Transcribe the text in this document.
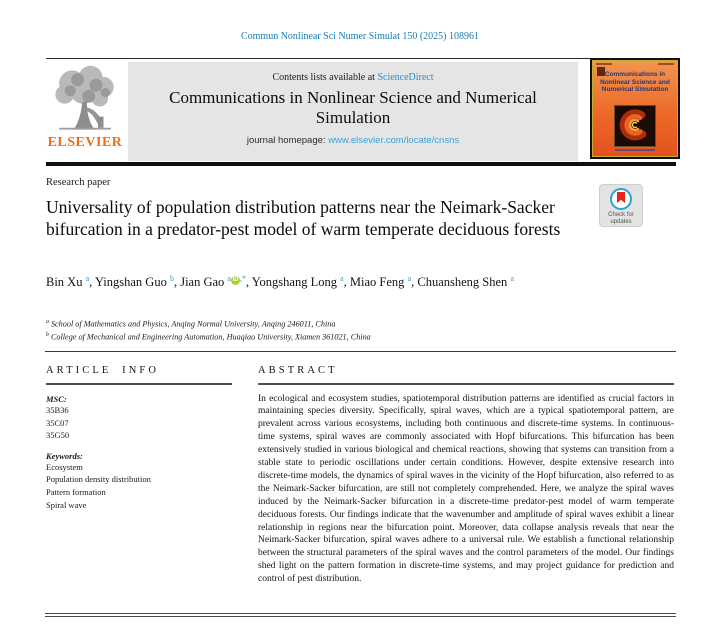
Commun Nonlinear Sci Numer Simulat 150 (2025) 108961
ELSEVIER
Contents lists available at ScienceDirect
Communications in Nonlinear Science and Numerical Simulation
journal homepage: www.elsevier.com/locate/cnsns
Communications in Nonlinear Science and Numerical Simulation
Research paper
Universality of population distribution patterns near the Neimark-Sacker bifurcation in a predator-pest model of warm temperate deciduous forests
Check for
updates
Bin Xu $^a$, Yingshan Guo $^b$, Jian Gao $^a$ iD ,*, Yongshang Long $^a$, Miao Feng $^a$, Chuansheng Shen $^a$
$^a$ School of Mathematics and Physics, Anqing Normal University, Anqing 246011, China
$^b$ College of Mechanical and Engineering Automation, Huaqiao University, Xiamen 361021, China
ARTICLE INFO
MSC:
35B36
35C07
35G50
Keywords:
Ecosystem
Population density distribution
Pattern formation
Spiral wave
ABSTRACT
In ecological and ecosystem studies, spatiotemporal distribution patterns are identified as crucial factors in maintaining species diversity. Specifically, spiral waves, which are a typical spatiotemporal pattern, are prevalent across various ecosystems, including both continuous and discrete-time systems. In continuous-time systems, spiral waves are commonly associated with Hopf bifurcations. This bifurcation has been extensively studied in various biological and chemical reactions, showing that systems can transition from a stable state to periodic oscillations under certain conditions. However, despite extensive research into discrete-time models, the dynamics of spiral waves in the vicinity of the Hopf bifurcation, also referred to as the Neimark-Sacker bifurcation, are still not completely comprehended. Here, we analyze the spiral waves induced by the Neimark-Sacker bifurcation in a discrete-time predator-pest model of warm temperate deciduous forests. Our findings indicate that the wavenumber and amplitude of spiral waves exhibit a linear relationship in regions near the bifurcation point. Moreover, data collapse analysis reveals that near the Neimark-Sacker bifurcation, spiral waves adhere to a universal rule. We establish a functional relationship between the structural parameters of the spiral waves and the control parameters of the model. Our findings shed light on the pattern formation in discrete-time systems, and may project guidance for prediction and control of pest distribution.
